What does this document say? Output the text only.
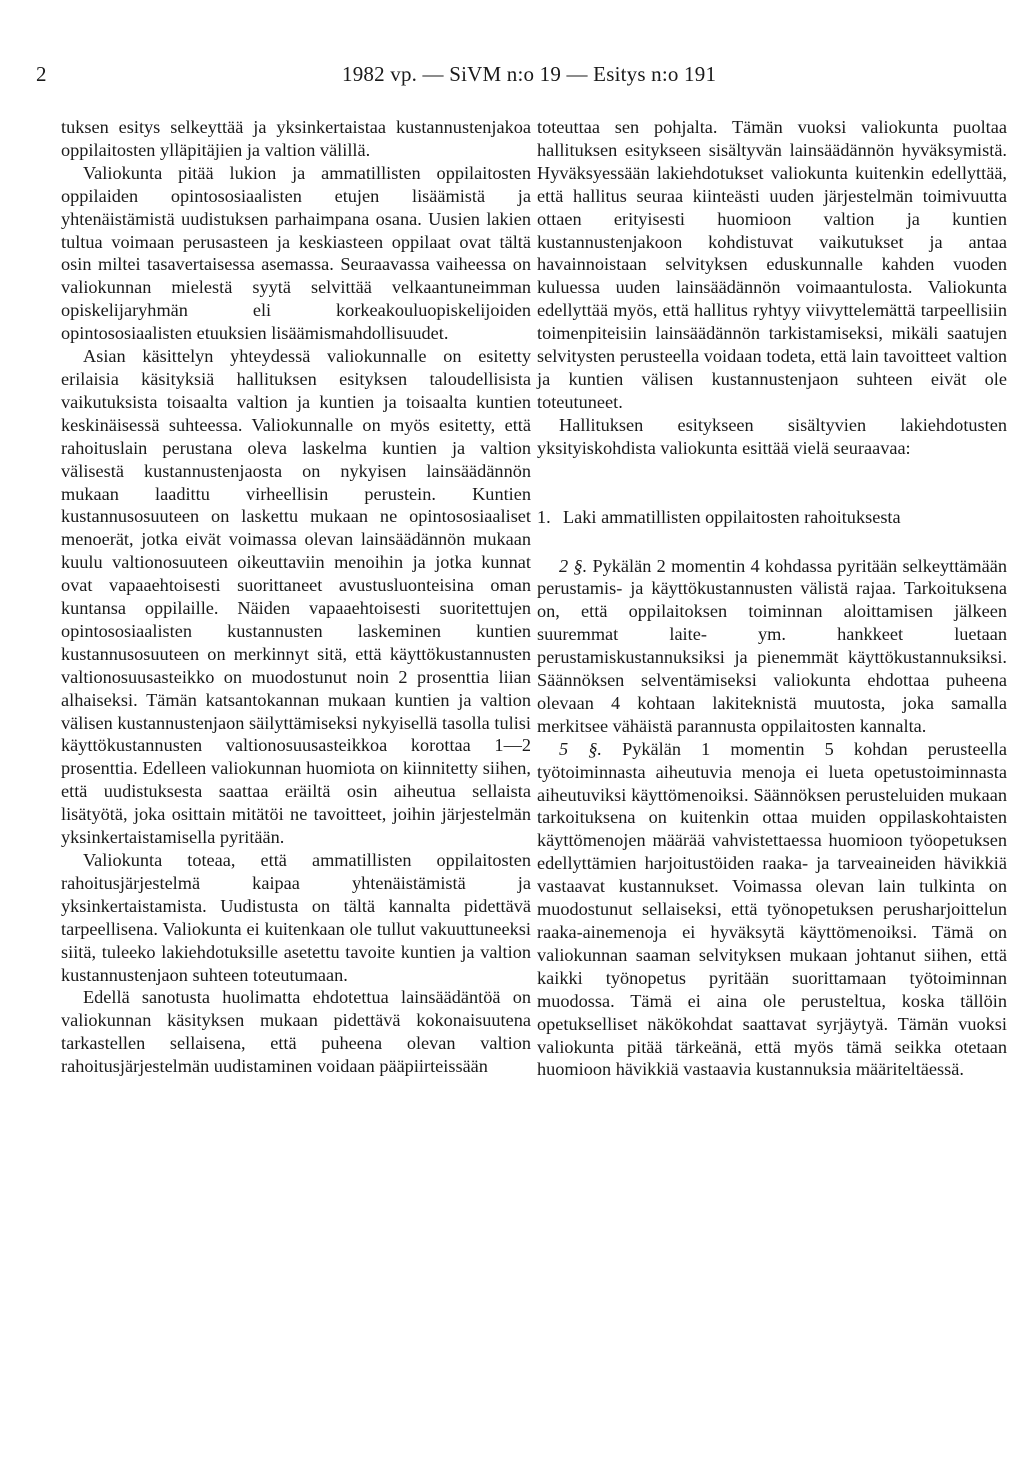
2	1982 vp. — SiVM n:o 19 — Esitys n:o 191

tuksen esitys selkeyttää ja yksinkertaistaa kustannustenjakoa oppilaitosten ylläpitäjien ja valtion välillä.

Valiokunta pitää lukion ja ammatillisten oppilaitosten oppilaiden opintososiaalisten etujen lisäämistä ja yhtenäistämistä uudistuksen parhaimpana osana. Uusien lakien tultua voimaan perusasteen ja keskiasteen oppilaat ovat tältä osin miltei tasavertaisessa asemassa. Seuraavassa vaiheessa on valiokunnan mielestä syytä selvittää velkaantuneimman opiskelijaryhmän eli korkeakouluopiskelijoiden opintososiaalisten etuuksien lisäämismahdollisuudet.

Asian käsittelyn yhteydessä valiokunnalle on esitetty erilaisia käsityksiä hallituksen esityksen taloudellisista vaikutuksista toisaalta valtion ja kuntien ja toisaalta kuntien keskinäisessä suhteessa. Valiokunnalle on myös esitetty, että rahoituslain perustana oleva laskelma kuntien ja valtion välisestä kustannustenjaosta on nykyisen lainsäädännön mukaan laadittu virheellisin perustein. Kuntien kustannusosuuteen on laskettu mukaan ne opintososiaaliset menoerät, jotka eivät voimassa olevan lainsäädännön mukaan kuulu valtionosuuteen oikeuttaviin menoihin ja jotka kunnat ovat vapaaehtoisesti suorittaneet avustusluonteisina oman kuntansa oppilaille. Näiden vapaaehtoisesti suoritettujen opintososiaalisten kustannusten laskeminen kuntien kustannusosuuteen on merkinnyt sitä, että käyttökustannusten valtionosuusasteikko on muodostunut noin 2 prosenttia liian alhaiseksi. Tämän katsantokannan mukaan kuntien ja valtion välisen kustannustenjaon säilyttämiseksi nykyisellä tasolla tulisi käyttökustannusten valtionosuusasteikkoa korottaa 1—2 prosenttia. Edelleen valiokunnan huomiota on kiinnitetty siihen, että uudistuksesta saattaa eräiltä osin aiheutua sellaista lisätyötä, joka osittain mitätöi ne tavoitteet, joihin järjestelmän yksinkertaistamisella pyritään.

Valiokunta toteaa, että ammatillisten oppilaitosten rahoitusjärjestelmä kaipaa yhtenäistämistä ja yksinkertaistamista. Uudistusta on tältä kannalta pidettävä tarpeellisena. Valiokunta ei kuitenkaan ole tullut vakuuttuneeksi siitä, tuleeko lakiehdotuksille asetettu tavoite kuntien ja valtion kustannustenjaon suhteen toteutumaan.

Edellä sanotusta huolimatta ehdotettua lainsäädäntöä on valiokunnan käsityksen mukaan pidettävä kokonaisuutena tarkastellen sellaisena, että puheena olevan valtion rahoitusjärjestelmän uudistaminen voidaan pääpiirteissään

toteuttaa sen pohjalta. Tämän vuoksi valiokunta puoltaa hallituksen esitykseen sisältyvän lainsäädännön hyväksymistä. Hyväksyessään lakiehdotukset valiokunta kuitenkin edellyttää, että hallitus seuraa kiinteästi uuden järjestelmän toimivuutta ottaen erityisesti huomioon valtion ja kuntien kustannustenjakoon kohdistuvat vaikutukset ja antaa havainnoistaan selvityksen eduskunnalle kahden vuoden kuluessa uuden lainsäädännön voimaantulosta. Valiokunta edellyttää myös, että hallitus ryhtyy viivyttelemättä tarpeellisiin toimenpiteisiin lainsäädännön tarkistamiseksi, mikäli saatujen selvitysten perusteella voidaan todeta, että lain tavoitteet valtion ja kuntien välisen kustannustenjaon suhteen eivät ole toteutuneet.

Hallituksen esitykseen sisältyvien lakiehdotusten yksityiskohdista valiokunta esittää vielä seuraavaa:

1. Laki ammatillisten oppilaitosten rahoituksesta

2 §. Pykälän 2 momentin 4 kohdassa pyritään selkeyttämään perustamis- ja käyttökustannusten välistä rajaa. Tarkoituksena on, että oppilaitoksen toiminnan aloittamisen jälkeen suuremmat laite- ym. hankkeet luetaan perustamiskustannuksiksi ja pienemmät käyttökustannuksiksi. Säännöksen selventämiseksi valiokunta ehdottaa puheena olevaan 4 kohtaan lakiteknistä muutosta, joka samalla merkitsee vähäistä parannusta oppilaitosten kannalta.

5 §. Pykälän 1 momentin 5 kohdan perusteella työtoiminnasta aiheutuvia menoja ei lueta opetustoiminnasta aiheutuviksi käyttömenoiksi. Säännöksen perusteluiden mukaan tarkoituksena on kuitenkin ottaa muiden oppilaskohtaisten käyttömenojen määrää vahvistettaessa huomioon työopetuksen edellyttämien harjoitustöiden raaka- ja tarveaineiden hävikkiä vastaavat kustannukset. Voimassa olevan lain tulkinta on muodostunut sellaiseksi, että työnopetuksen perusharjoittelun raaka-ainemenoja ei hyväksytä käyttömenoiksi. Tämä on valiokunnan saaman selvityksen mukaan johtanut siihen, että kaikki työnopetus pyritään suorittamaan työtoiminnan muodossa. Tämä ei aina ole perusteltua, koska tällöin opetukselliset näkökohdat saattavat syrjäytyä. Tämän vuoksi valiokunta pitää tärkeänä, että myös tämä seikka otetaan huomioon hävikkiä vastaavia kustannuksia määriteltäessä.
